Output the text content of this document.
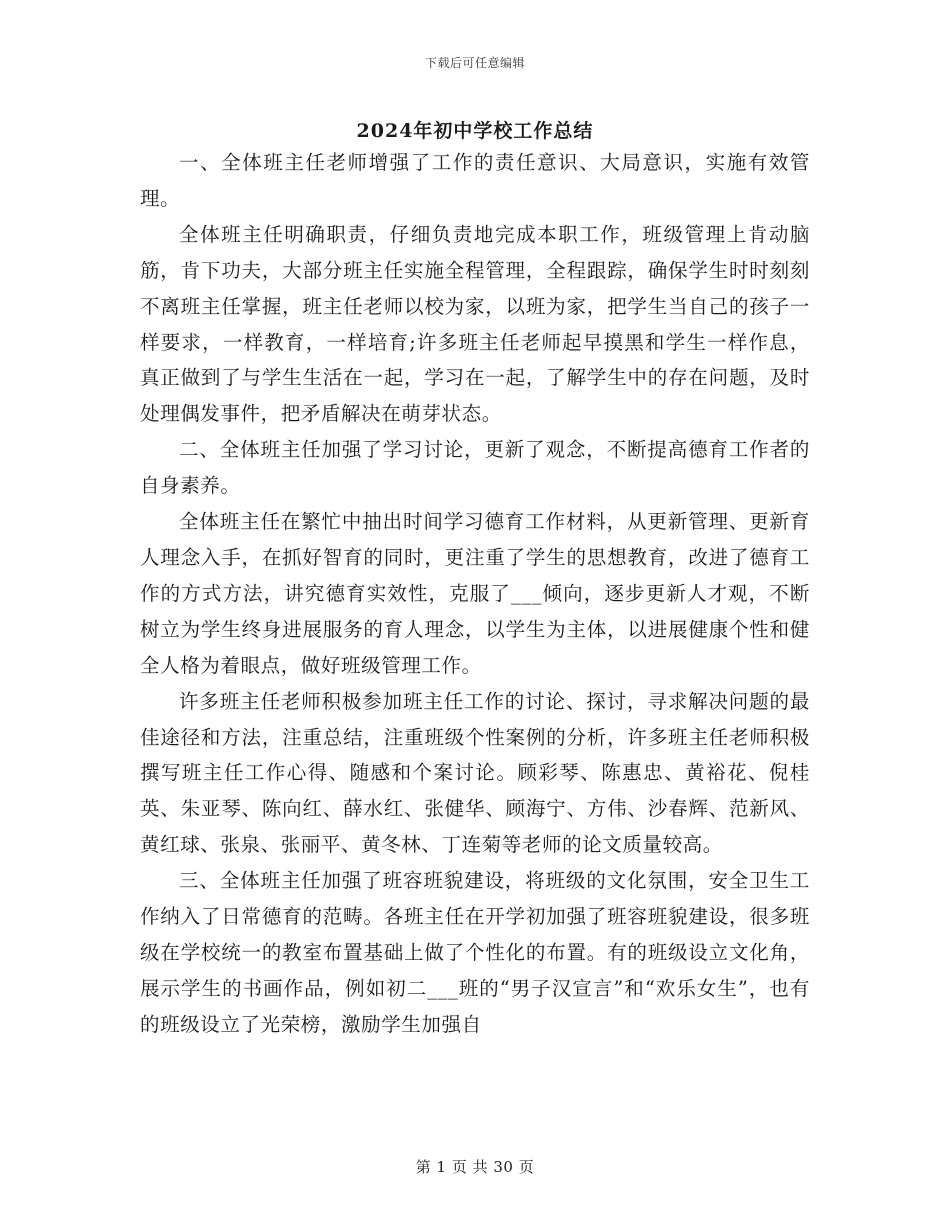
下载后可任意编辑
2024年初中学校工作总结

一、全体班主任老师增强了工作的责任意识、大局意识，实施有效管理。

全体班主任明确职责，仔细负责地完成本职工作，班级管理上肯动脑筋，肯下功夫，大部分班主任实施全程管理，全程跟踪，确保学生时时刻刻不离班主任掌握，班主任老师以校为家，以班为家，把学生当自己的孩子一样要求，一样教育，一样培育;许多班主任老师起早摸黑和学生一样作息，真正做到了与学生生活在一起，学习在一起，了解学生中的存在问题，及时处理偶发事件，把矛盾解决在萌芽状态。

二、全体班主任加强了学习讨论，更新了观念，不断提高德育工作者的自身素养。

全体班主任在繁忙中抽出时间学习德育工作材料，从更新管理、更新育人理念入手，在抓好智育的同时，更注重了学生的思想教育，改进了德育工作的方式方法，讲究德育实效性，克服了___倾向，逐步更新人才观，不断树立为学生终身进展服务的育人理念，以学生为主体，以进展健康个性和健全人格为着眼点，做好班级管理工作。

许多班主任老师积极参加班主任工作的讨论、探讨，寻求解决问题的最佳途径和方法，注重总结，注重班级个性案例的分析，许多班主任老师积极撰写班主任工作心得、随感和个案讨论。顾彩琴、陈惠忠、黄裕花、倪桂英、朱亚琴、陈向红、薛水红、张健华、顾海宁、方伟、沙春辉、范新风、黄红球、张泉、张丽平、黄冬林、丁连菊等老师的论文质量较高。

三、全体班主任加强了班容班貌建设，将班级的文化氛围，安全卫生工作纳入了日常德育的范畴。各班主任在开学初加强了班容班貌建设，很多班级在学校统一的教室布置基础上做了个性化的布置。有的班级设立文化角，展示学生的书画作品，例如初二___班的“男子汉宣言”和“欢乐女生”，也有的班级设立了光荣榜，激励学生加强自

第 1 页 共 30 页
